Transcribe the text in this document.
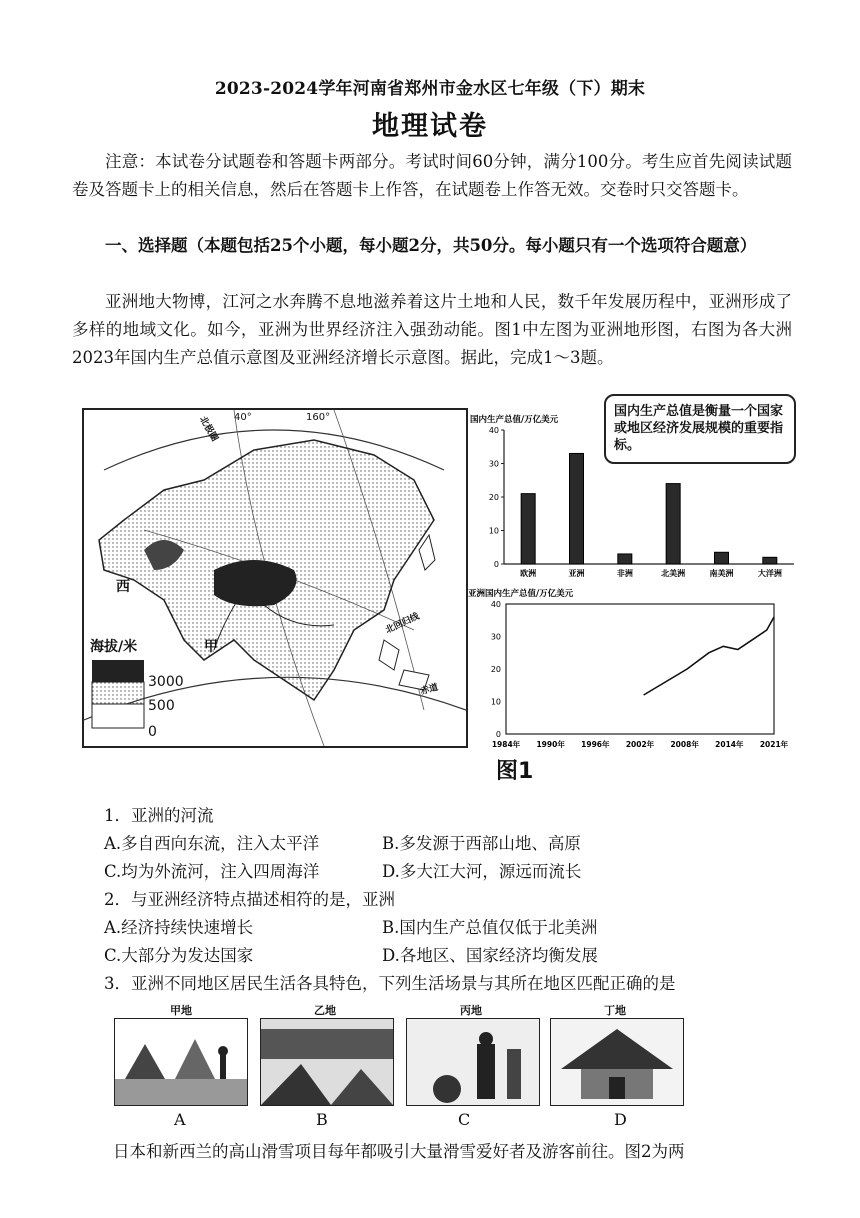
2023-2024学年河南省郑州市金水区七年级（下）期末
地理试卷
注意：本试卷分试题卷和答题卡两部分。考试时间60分钟，满分100分。考生应首先阅读试题卷及答题卡上的相关信息，然后在答题卡上作答，在试题卷上作答无效。交卷时只交答题卡。
一、选择题（本题包括25个小题，每小题2分，共50分。每小题只有一个选项符合题意）
亚洲地大物博，江河之水奔腾不息地滋养着这片土地和人民，数千年发展历程中，亚洲形成了多样的地域文化。如今，亚洲为世界经济注入强劲动能。图1中左图为亚洲地形图，右图为各大洲2023年国内生产总值示意图及亚洲经济增长示意图。据此，完成1～3题。
海拔/米
3000
500
0
40°	160°
甲
西
北极圈
北回归线
赤道
国内生产总值是衡量一个国家或地区经济发展规模的重要指标。
国内生产总值/万亿美元
0
10
20
30
40
欧洲	亚洲	非洲	北美洲	南美洲	大洋洲
亚洲国内生产总值/万亿美元
0
10
20
30
40
1984年 1990年 1996年 2002年 2008年 2014年 2021年
图1
1．亚洲的河流
A.多自西向东流，注入太平洋	B.多发源于西部山地、高原
C.均为外流河，注入四周海洋	D.多大江大河，源远而流长
2．与亚洲经济特点描述相符的是，亚洲
A.经济持续快速增长	B.国内生产总值仅低于北美洲
C.大部分为发达国家	D.各地区、国家经济均衡发展
3．亚洲不同地区居民生活各具特色，下列生活场景与其所在地区匹配正确的是
甲地
A
乙地
B
丙地
C
丁地
D
日本和新西兰的高山滑雪项目每年都吸引大量滑雪爱好者及游客前往。图2为两
